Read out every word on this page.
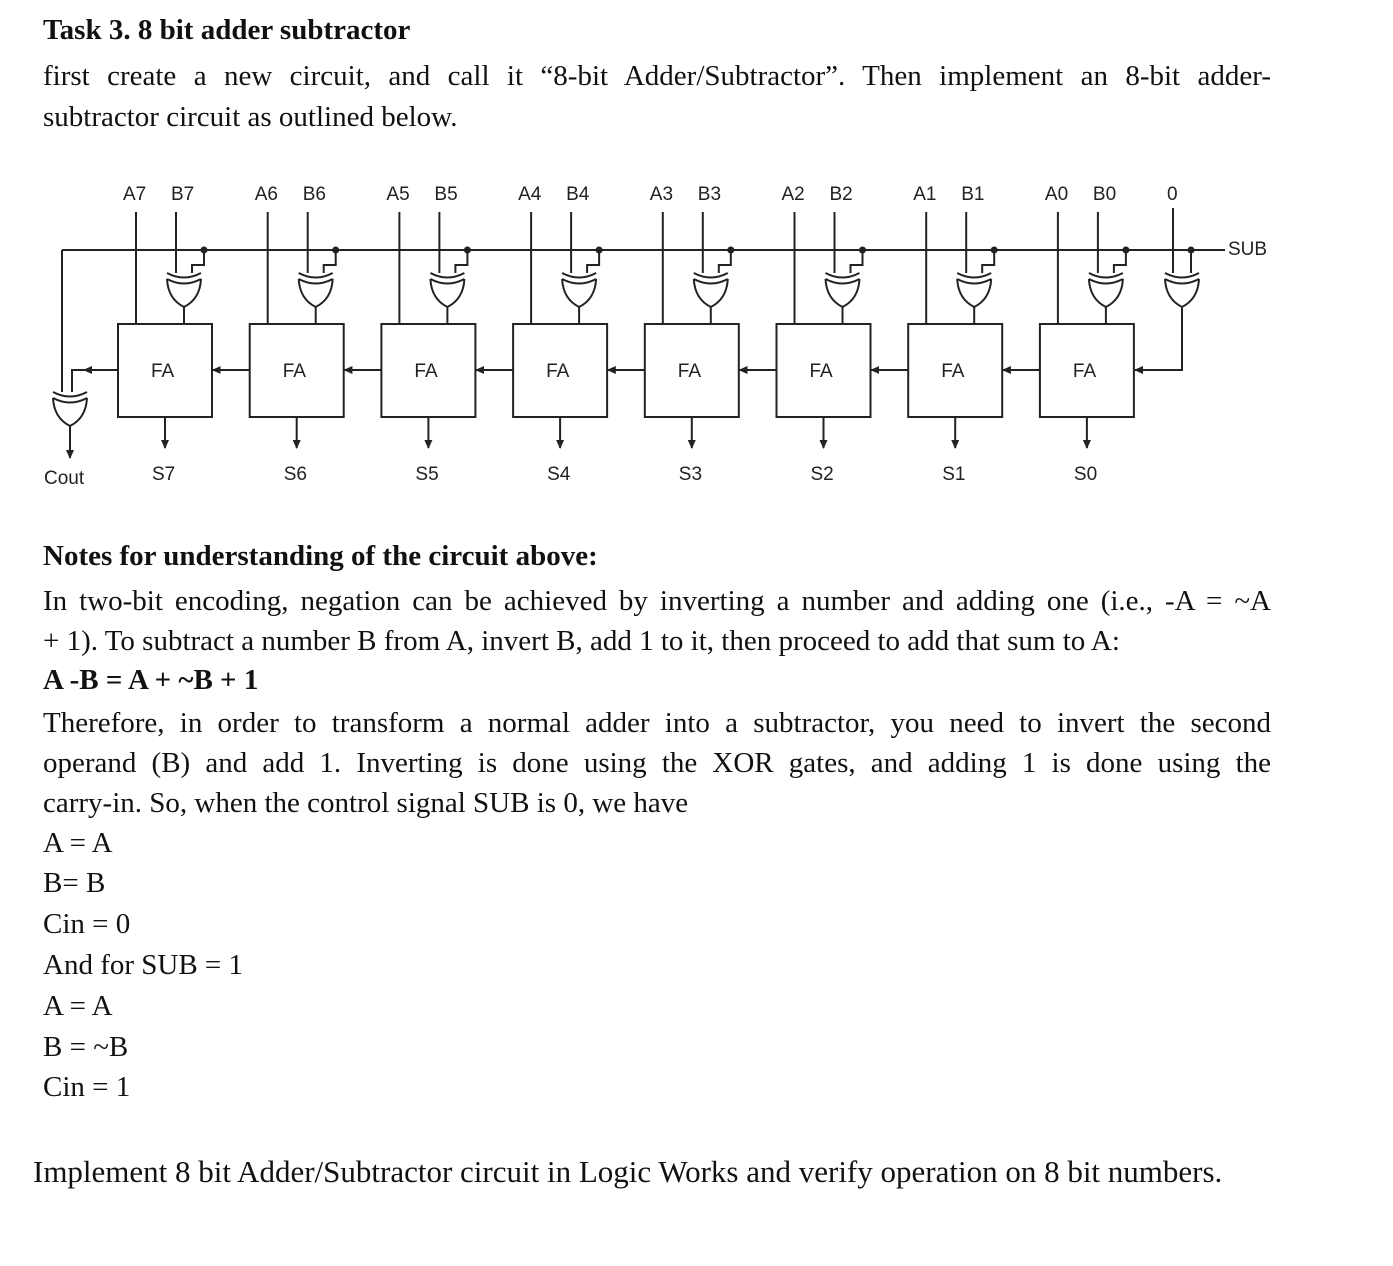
Task 3. 8 bit adder subtractor
first create a new circuit, and call it “8-bit Adder/Subtractor”. Then implement an 8-bit adder-
subtractor circuit as outlined below.
A7 B7
FA
S7
A6 B6
FA
S6
A5 B5
FA
S5
A4 B4
FA
S4
A3 B3
FA
S3
A2 B2
FA
S2
A1 B1
FA
S1
A0 B0
FA
S0
SUB
0
Cout
Notes for understanding of the circuit above:
In two-bit encoding, negation can be achieved by inverting a number and adding one (i.e., -A = ~A
+ 1). To subtract a number B from A, invert B, add 1 to it, then proceed to add that sum to A:
A -B = A + ~B + 1
Therefore, in order to transform a normal adder into a subtractor, you need to invert the second
operand (B) and add 1. Inverting is done using the XOR gates, and adding 1 is done using the
carry-in. So, when the control signal SUB is 0, we have
A = A
B= B
Cin = 0
And for SUB = 1
A = A
B = ~B
Cin = 1
Implement 8 bit Adder/Subtractor circuit in Logic Works and verify operation on 8 bit numbers.
